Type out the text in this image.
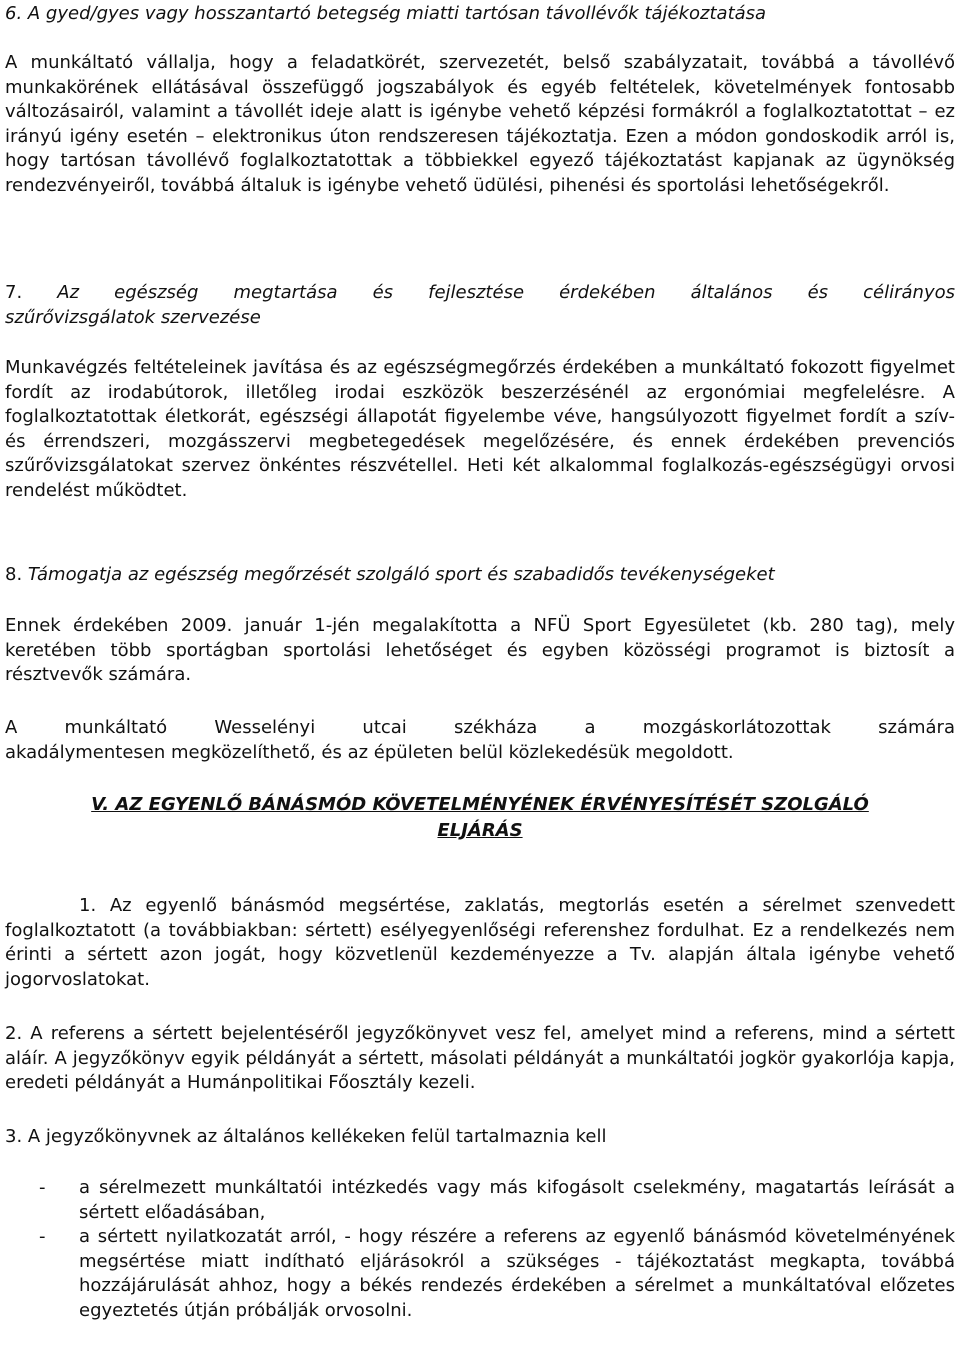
6. A gyed/gyes vagy hosszantartó betegség miatti tartósan távollévők tájékoztatása

A munkáltató vállalja, hogy a feladatkörét, szervezetét, belső szabályzatait, továbbá a távollévő munkakörének ellátásával összefüggő jogszabályok és egyéb feltételek, követelmények fontosabb változásairól, valamint a távollét ideje alatt is igénybe vehető képzési formákról a foglalkoztatottat – ez irányú igény esetén – elektronikus úton rendszeresen tájékoztatja. Ezen a módon gondoskodik arról is, hogy tartósan távollévő foglalkoztatottak a többiekkel egyező tájékoztatást kapjanak az ügynökség rendezvényeiről, továbbá általuk is igénybe vehető üdülési, pihenési és sportolási lehetőségekről.

7. Az egészség megtartása és fejlesztése érdekében általános és célirányos
szűrővizsgálatok szervezése

Munkavégzés feltételeinek javítása és az egészségmegőrzés érdekében a munkáltató fokozott figyelmet fordít az irodabútorok, illetőleg irodai eszközök beszerzésénél az ergonómiai megfelelésre. A foglalkoztatottak életkorát, egészségi állapotát figyelembe véve, hangsúlyozott figyelmet fordít a szív- és érrendszeri, mozgásszervi megbetegedések megelőzésére, és ennek érdekében prevenciós szűrővizsgálatokat szervez önkéntes részvétellel. Heti két alkalommal foglalkozás-egészségügyi orvosi rendelést működtet.

8. Támogatja az egészség megőrzését szolgáló sport és szabadidős tevékenységeket

Ennek érdekében 2009. január 1-jén megalakította a NFÜ Sport Egyesületet (kb. 280 tag), mely keretében több sportágban sportolási lehetőséget és egyben közösségi programot is biztosít a résztvevők számára.

A munkáltató Wesselényi utcai székháza a mozgáskorlátozottak számára
akadálymentesen megközelíthető, és az épületen belül közlekedésük megoldott.
V. AZ EGYENLŐ BÁNÁSMÓD KÖVETELMÉNYÉNEK ÉRVÉNYESÍTÉSÉT SZOLGÁLÓ
ELJÁRÁS

1. Az egyenlő bánásmód megsértése, zaklatás, megtorlás esetén a sérelmet szenvedett foglalkoztatott (a továbbiakban: sértett) esélyegyenlőségi referenshez fordulhat. Ez a rendelkezés nem érinti a sértett azon jogát, hogy közvetlenül kezdeményezze a Tv. alapján általa igénybe vehető jogorvoslatokat.

2. A referens a sértett bejelentéséről jegyzőkönyvet vesz fel, amelyet mind a referens, mind a sértett aláír. A jegyzőkönyv egyik példányát a sértett, másolati példányát a munkáltatói jogkör gyakorlója kapja, eredeti példányát a Humánpolitikai Főosztály kezeli.

3. A jegyzőkönyvnek az általános kellékeken felül tartalmaznia kell

- a sérelmezett munkáltatói intézkedés vagy más kifogásolt cselekmény, magatartás leírását a sértett előadásában,

- a sértett nyilatkozatát arról, - hogy részére a referens az egyenlő bánásmód követelményének megsértése miatt indítható eljárásokról a szükséges - tájékoztatást megkapta, továbbá hozzájárulását ahhoz, hogy a békés rendezés érdekében a sérelmet a munkáltatóval előzetes egyeztetés útján próbálják orvosolni.
